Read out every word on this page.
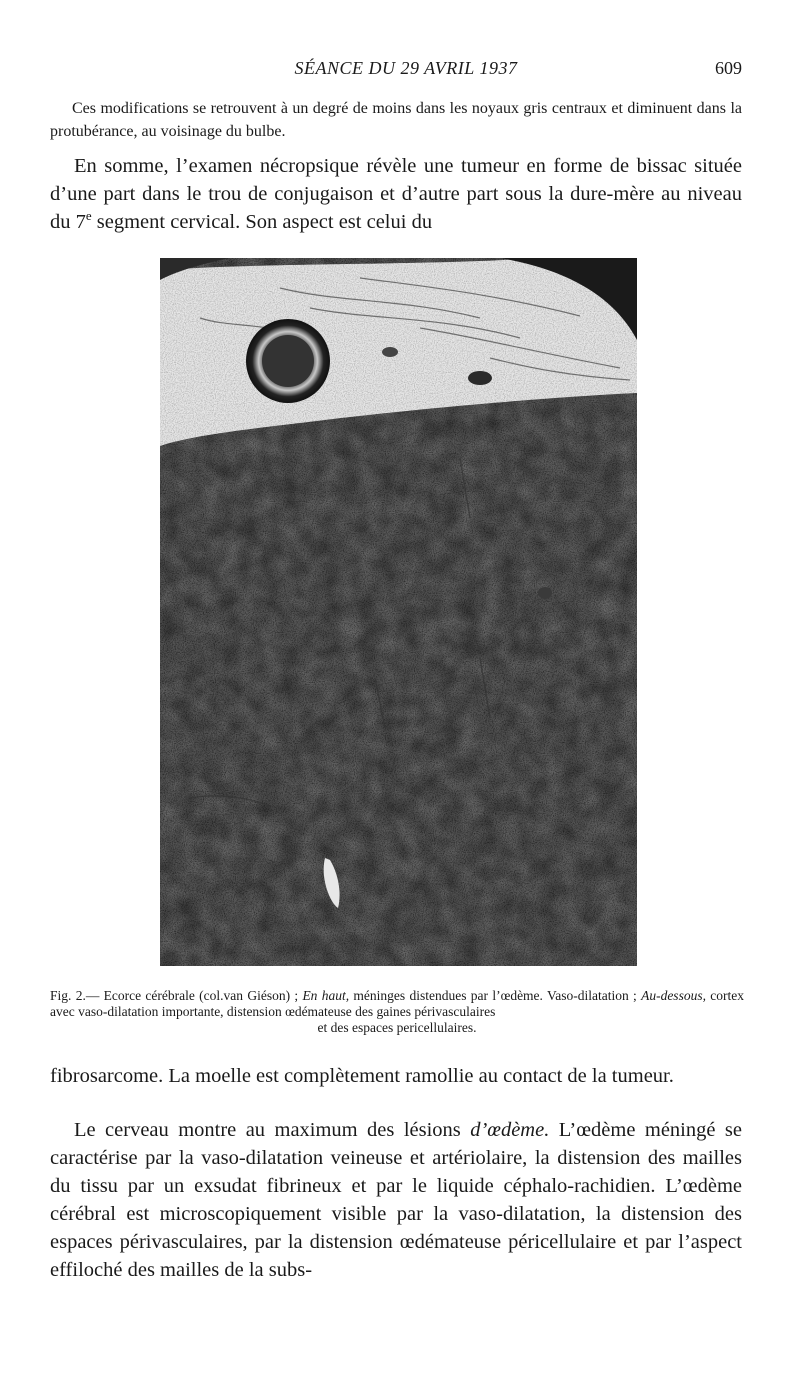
SÉANCE DU 29 AVRIL 1937	609
Ces modifications se retrouvent à un degré de moins dans les noyaux gris centraux et diminuent dans la protubérance, au voisinage du bulbe.
En somme, l’examen nécropsique révèle une tumeur en forme de bissac située d’une part dans le trou de conjugaison et d’autre part sous la dure-mère au niveau du 7e segment cervical. Son aspect est celui du
Fig. 2.— Ecorce cérébrale (col.van Giéson) ; En haut, méninges distendues par l’œdème. Vaso-dilatation ; Au-dessous, cortex avec vaso-dilatation importante, distension œdémateuse des gaines périvasculaires
et des espaces pericellulaires.
fibrosarcome. La moelle est complètement ramollie au contact de la tumeur.
Le cerveau montre au maximum des lésions d’œdème. L’œdème méningé se caractérise par la vaso-dilatation veineuse et artériolaire, la distension des mailles du tissu par un exsudat fibrineux et par le liquide céphalo-rachidien. L’œdème cérébral est microscopiquement visible par la vaso-dilatation, la distension des espaces périvasculaires, par la distension œdémateuse péricellulaire et par l’aspect effiloché des mailles de la subs-
